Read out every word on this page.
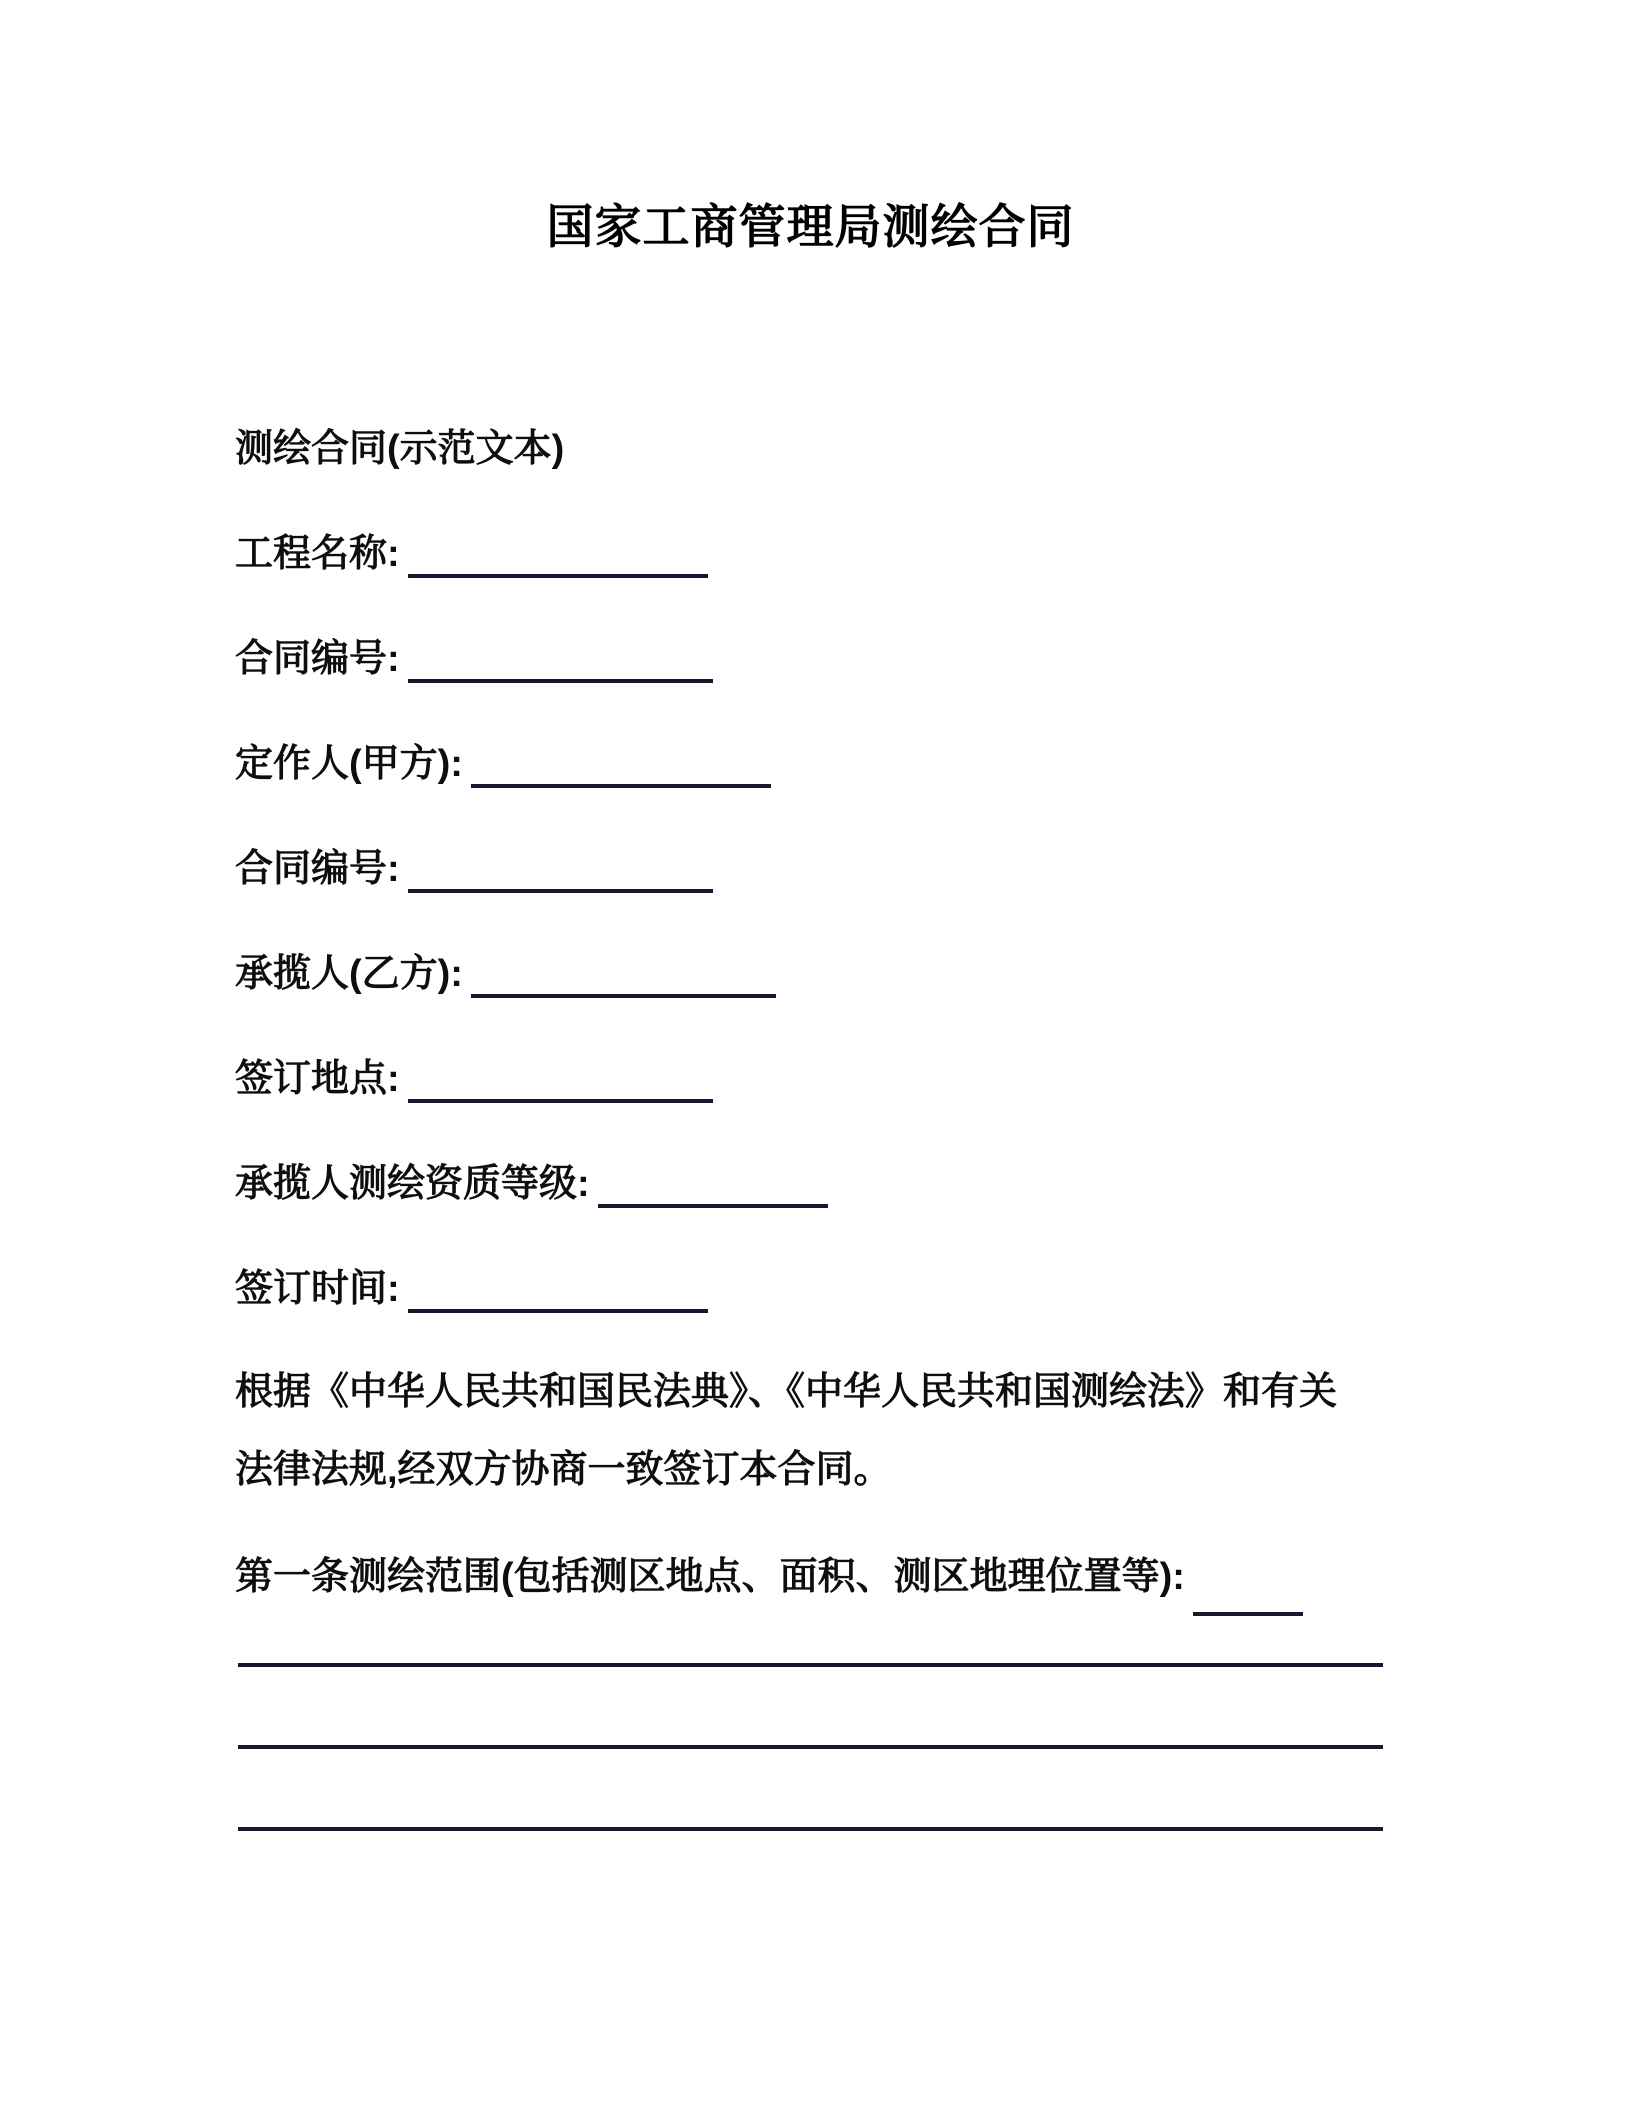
国家工商管理局测绘合同
测绘合同(示范文本)
工程名称:
合同编号:
定作人(甲方):
合同编号:
承揽人(乙方):
签订地点:
承揽人测绘资质等级:
签订时间:
根据《中华人民共和国民法典》、《中华人民共和国测绘法》和有关
法律法规,经双方协商一致签订本合同。
第一条测绘范围(包括测区地点、面积、测区地理位置等):
